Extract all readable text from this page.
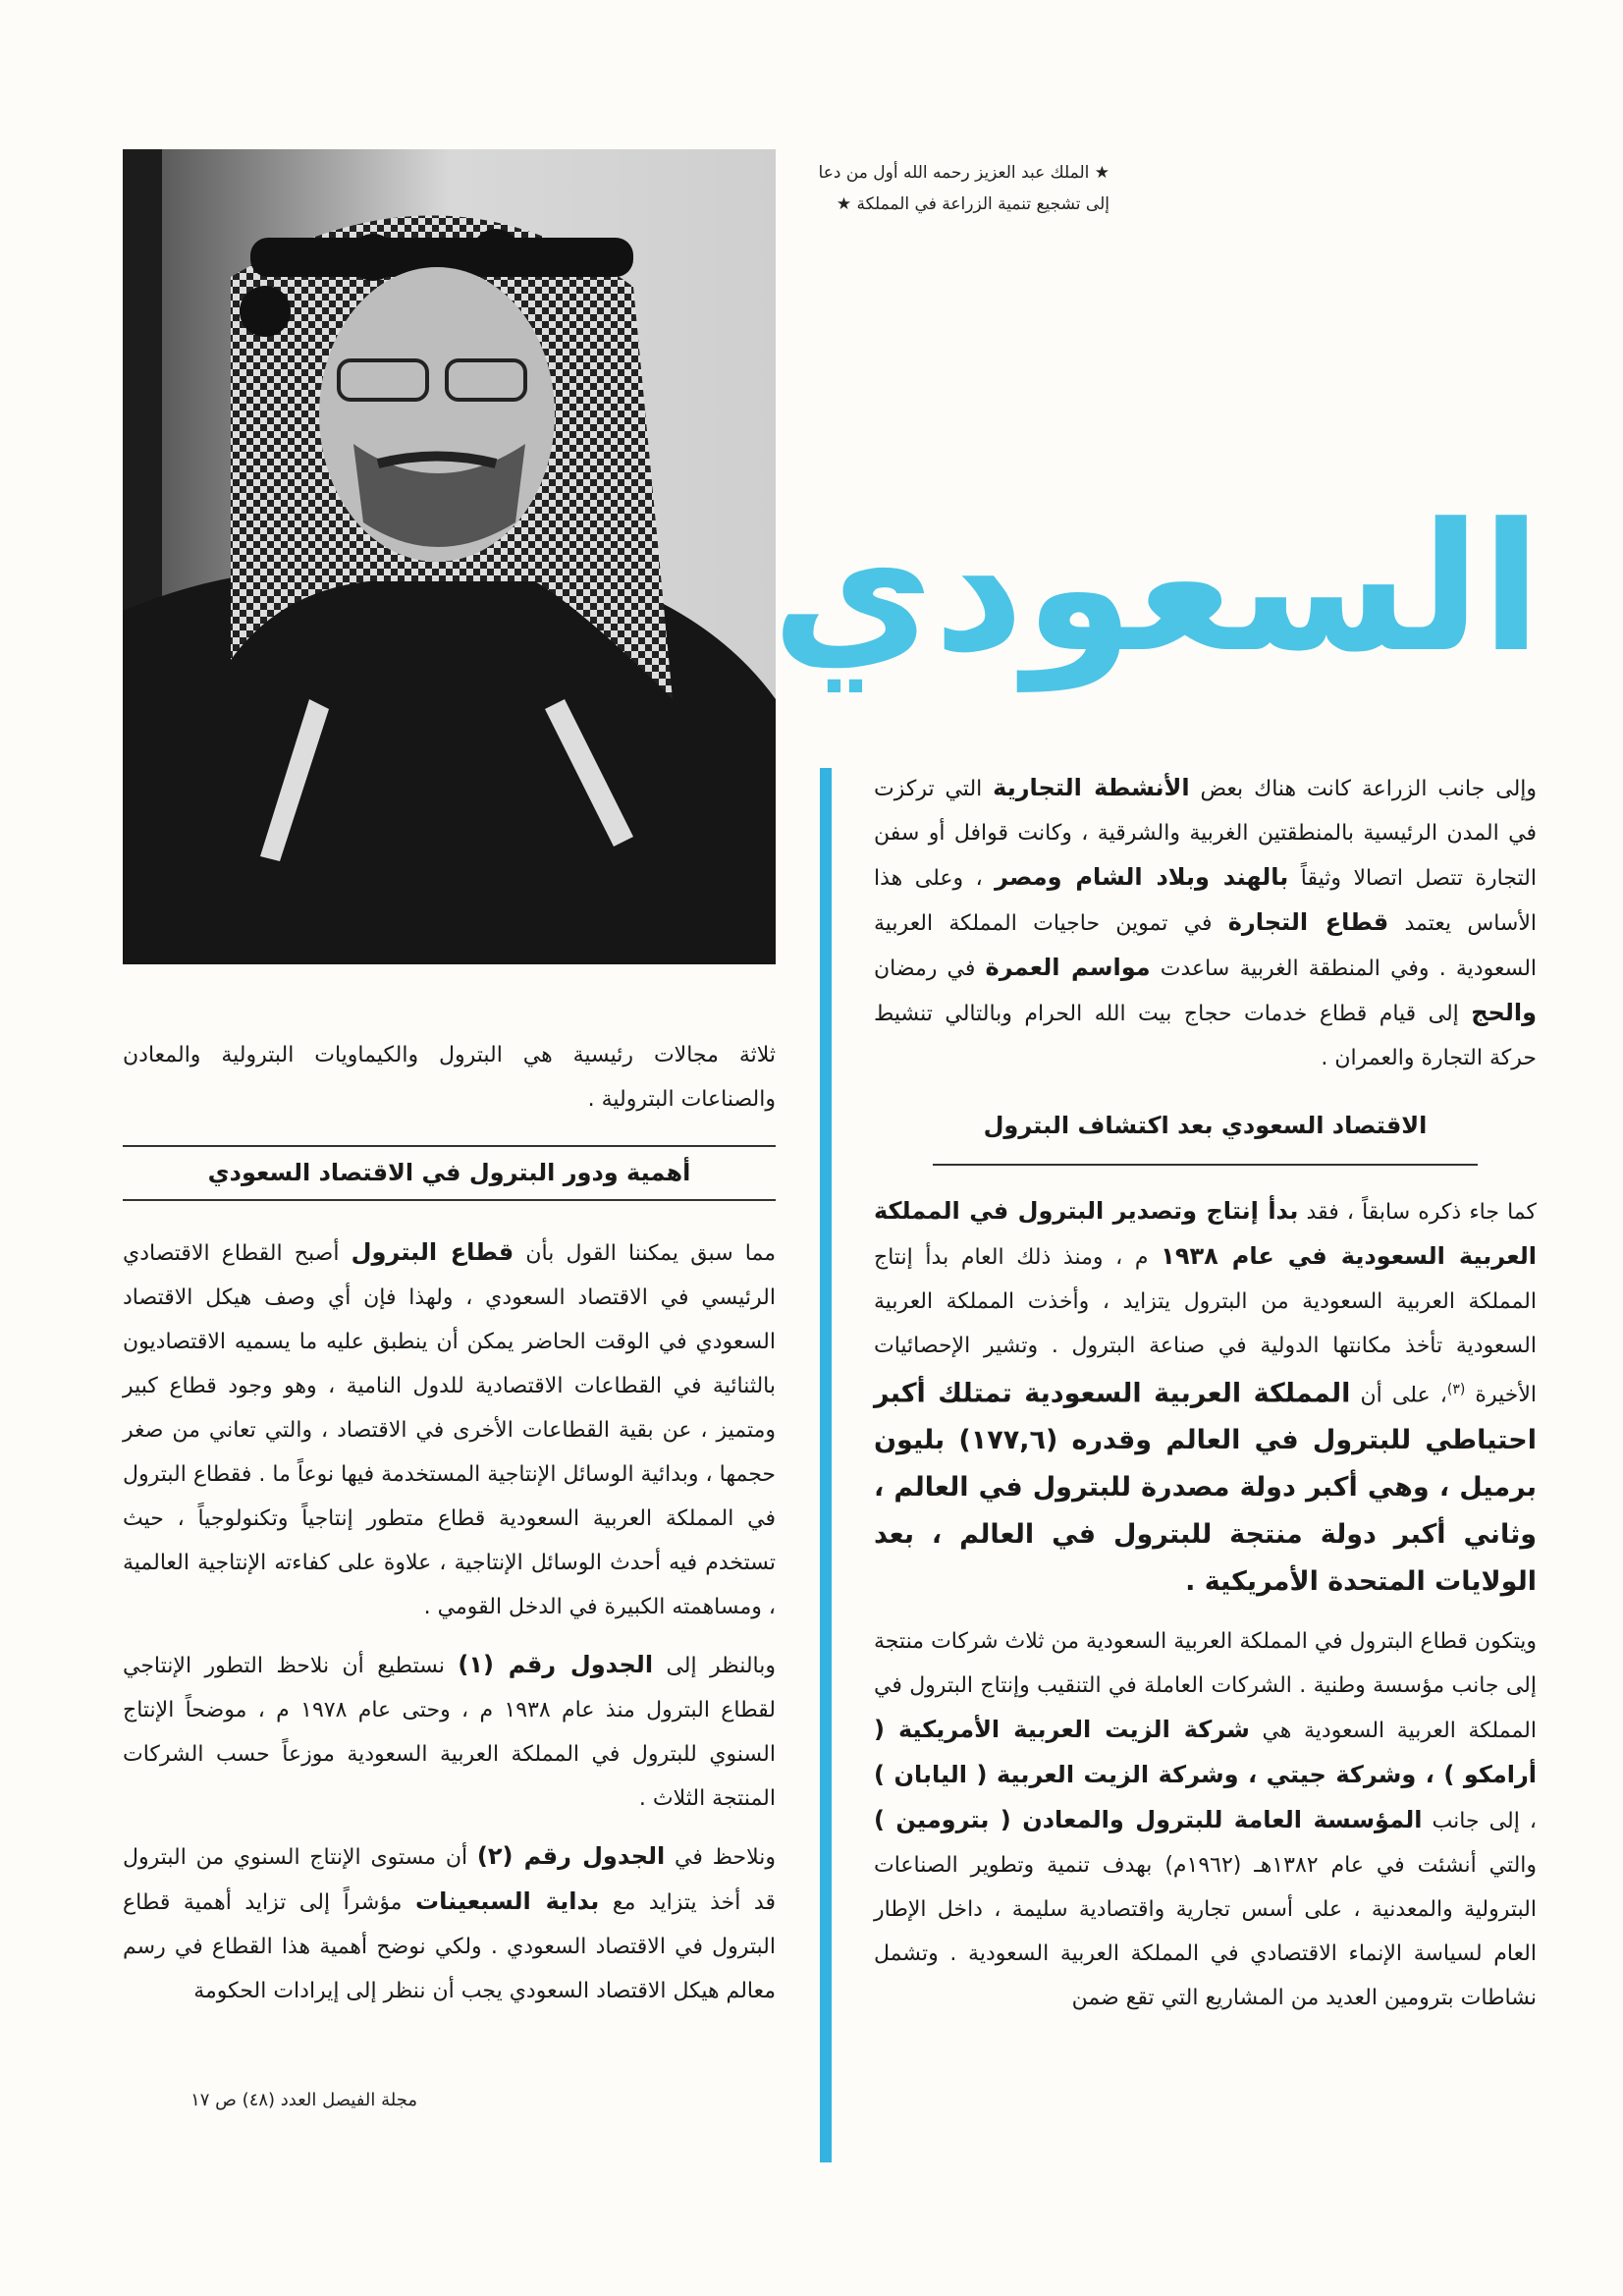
★ الملك عبد العزيز رحمه الله أول من دعا
إلى تشجيع تنمية الزراعة في المملكة ★
السعودي

وإلى جانب الزراعة كانت هناك بعض الأنشطة التجارية التي تركزت في المدن الرئيسية بالمنطقتين الغربية والشرقية ، وكانت قوافل أو سفن التجارة تتصل اتصالا وثيقاً بالهند وبلاد الشام ومصر ، وعلى هذا الأساس يعتمد قطاع التجارة في تموين حاجيات المملكة العربية السعودية . وفي المنطقة الغربية ساعدت مواسم العمرة في رمضان والحج إلى قيام قطاع خدمات حجاج بيت الله الحرام وبالتالي تنشيط حركة التجارة والعمران .

الاقتصاد السعودي بعد اكتشاف البترول

كما جاء ذكره سابقاً ، فقد بدأ إنتاج وتصدير البترول في المملكة العربية السعودية في عام ١٩٣٨ م ، ومنذ ذلك العام بدأ إنتاج المملكة العربية السعودية من البترول يتزايد ، وأخذت المملكة العربية السعودية تأخذ مكانتها الدولية في صناعة البترول . وتشير الإحصائيات الأخيرة $^{(٣)}$، على أن المملكة العربية السعودية تمتلك أكبر احتياطي للبترول في العالم وقدره (١٧٧,٦) بليون برميل ، وهي أكبر دولة مصدرة للبترول في العالم ، وثاني أكبر دولة منتجة للبترول في العالم ، بعد الولايات المتحدة الأمريكية .

ويتكون قطاع البترول في المملكة العربية السعودية من ثلاث شركات منتجة إلى جانب مؤسسة وطنية . الشركات العاملة في التنقيب وإنتاج البترول في المملكة العربية السعودية هي شركة الزيت العربية الأمريكية ( أرامكو ) ، وشركة جيتي ، وشركة الزيت العربية ( اليابان ) ، إلى جانب المؤسسة العامة للبترول والمعادن ( بترومين ) والتي أنشئت في عام ١٣٨٢هـ (١٩٦٢م) بهدف تنمية وتطوير الصناعات البترولية والمعدنية ، على أسس تجارية واقتصادية سليمة ، داخل الإطار العام لسياسة الإنماء الاقتصادي في المملكة العربية السعودية . وتشمل نشاطات بترومين العديد من المشاريع التي تقع ضمن

ثلاثة مجالات رئيسية هي البترول والكيماويات البترولية والمعادن والصناعات البترولية .

أهمية ودور البترول في الاقتصاد السعودي

مما سبق يمكننا القول بأن قطاع البترول أصبح القطاع الاقتصادي الرئيسي في الاقتصاد السعودي ، ولهذا فإن أي وصف هيكل الاقتصاد السعودي في الوقت الحاضر يمكن أن ينطبق عليه ما يسميه الاقتصاديون بالثنائية في القطاعات الاقتصادية للدول النامية ، وهو وجود قطاع كبير ومتميز ، عن بقية القطاعات الأخرى في الاقتصاد ، والتي تعاني من صغر حجمها ، وبدائية الوسائل الإنتاجية المستخدمة فيها نوعاً ما . فقطاع البترول في المملكة العربية السعودية قطاع متطور إنتاجياً وتكنولوجياً ، حيث تستخدم فيه أحدث الوسائل الإنتاجية ، علاوة على كفاءته الإنتاجية العالمية ، ومساهمته الكبيرة في الدخل القومي .

وبالنظر إلى الجدول رقم (١) نستطيع أن نلاحظ التطور الإنتاجي لقطاع البترول منذ عام ١٩٣٨ م ، وحتى عام ١٩٧٨ م ، موضحاً الإنتاج السنوي للبترول في المملكة العربية السعودية موزعاً حسب الشركات المنتجة الثلاث .

ونلاحظ في الجدول رقم (٢) أن مستوى الإنتاج السنوي من البترول قد أخذ يتزايد مع بداية السبعينات مؤشراً إلى تزايد أهمية قطاع البترول في الاقتصاد السعودي . ولكي نوضح أهمية هذا القطاع في رسم معالم هيكل الاقتصاد السعودي يجب أن ننظر إلى إيرادات الحكومة

مجلة الفيصل العدد (٤٨) ص ١٧
